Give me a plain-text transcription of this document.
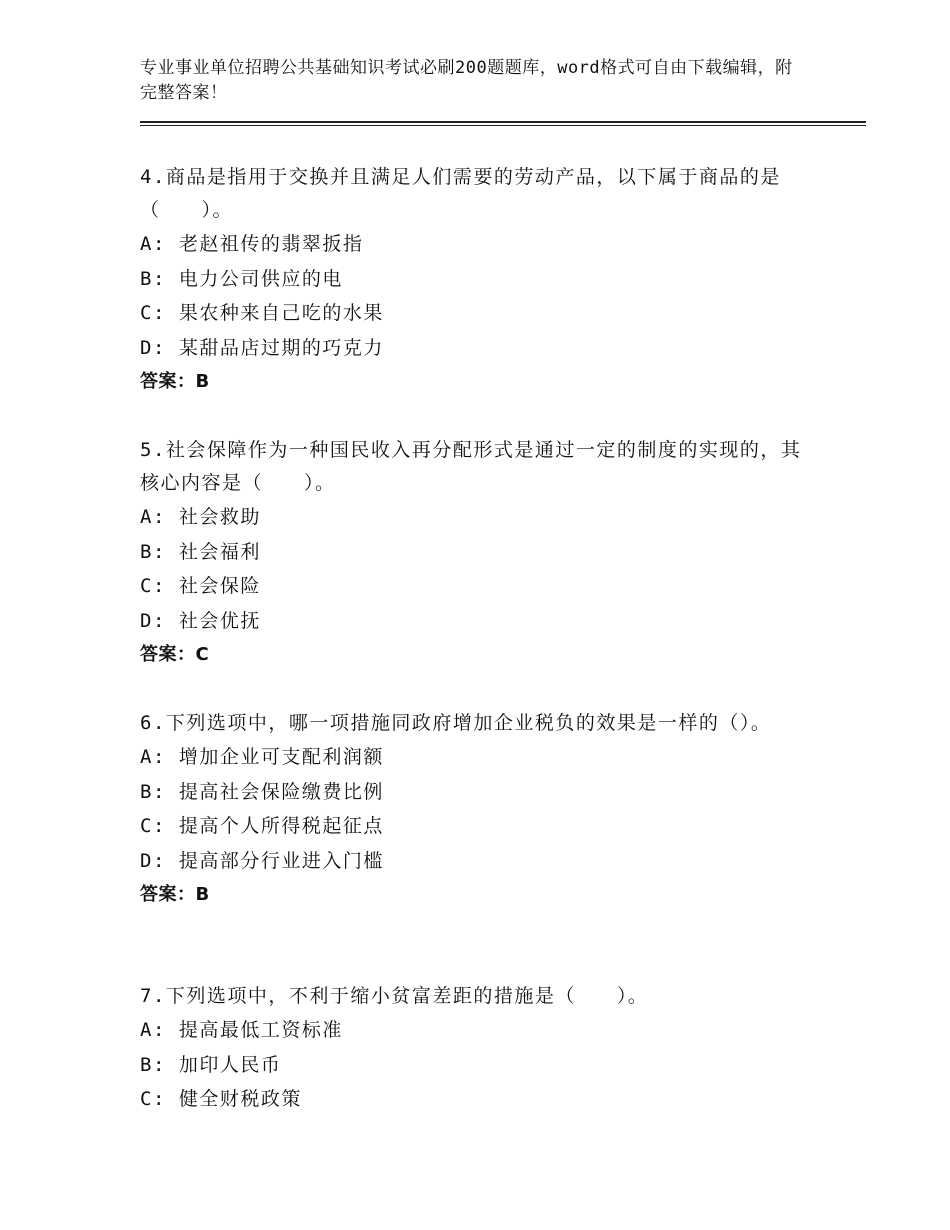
专业事业单位招聘公共基础知识考试必刷200题题库，word格式可自由下载编辑，附完整答案！

4.商品是指用于交换并且满足人们需要的劳动产品，以下属于商品的是（　　）。

A: 老赵祖传的翡翠扳指

B: 电力公司供应的电

C: 果农种来自己吃的水果

D: 某甜品店过期的巧克力

答案：B

5.社会保障作为一种国民收入再分配形式是通过一定的制度的实现的，其核心内容是（　　）。

A: 社会救助

B: 社会福利

C: 社会保险

D: 社会优抚

答案：C

6.下列选项中，哪一项措施同政府增加企业税负的效果是一样的（）。

A: 增加企业可支配利润额

B: 提高社会保险缴费比例

C: 提高个人所得税起征点

D: 提高部分行业进入门槛

答案：B

7.下列选项中，不利于缩小贫富差距的措施是（　　）。

A: 提高最低工资标准

B: 加印人民币

C: 健全财税政策
